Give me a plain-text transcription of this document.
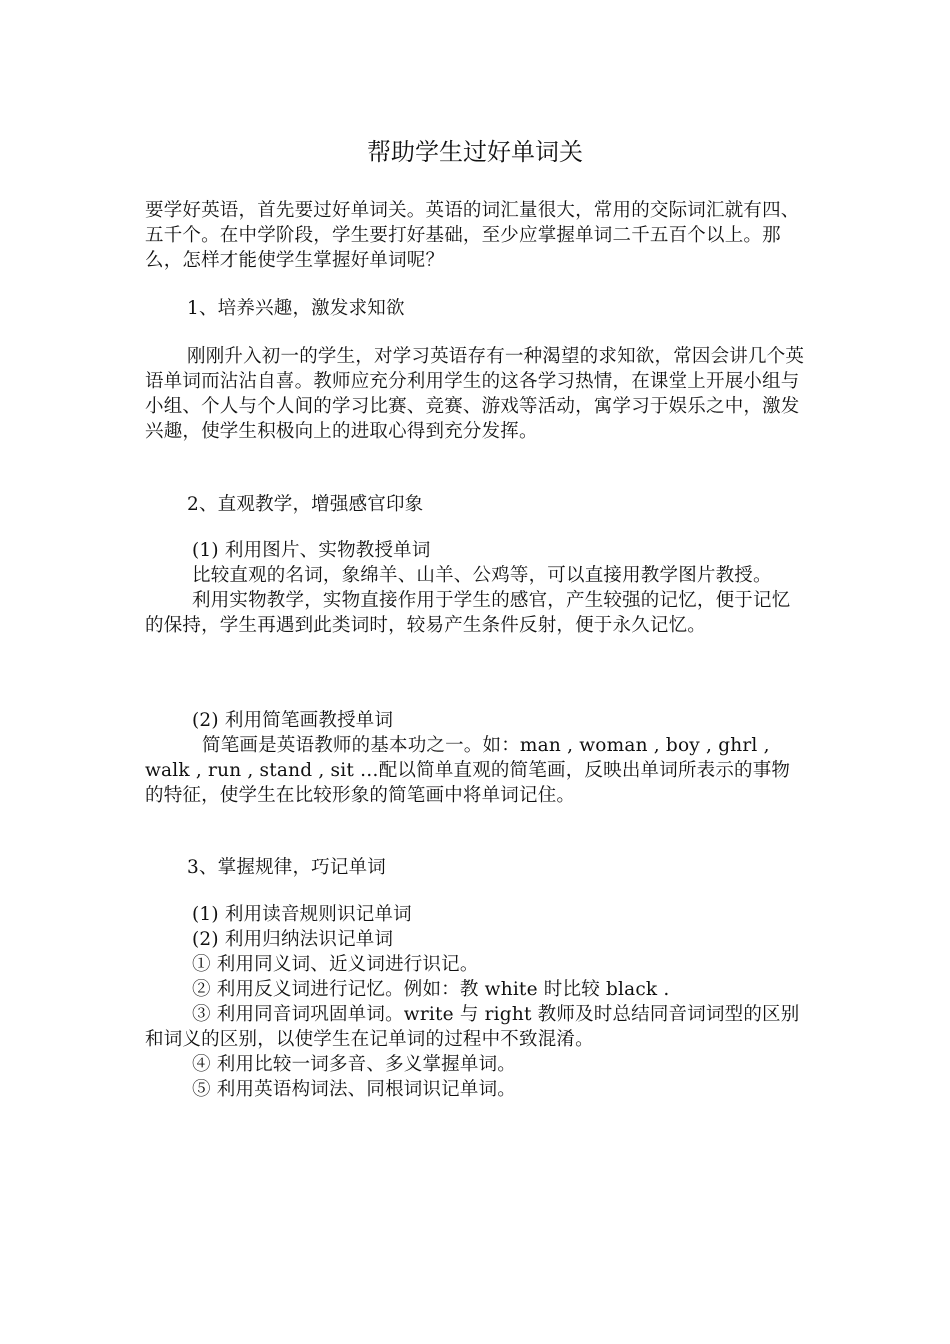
帮助学生过好单词关

要学好英语，首先要过好单词关。英语的词汇量很大，常用的交际词汇就有四、五千个。在中学阶段，学生要打好基础，至少应掌握单词二千五百个以上。那么，怎样才能使学生掌握好单词呢？

1、培养兴趣，激发求知欲

刚刚升入初一的学生，对学习英语存有一种渴望的求知欲，常因会讲几个英语单词而沾沾自喜。教师应充分利用学生的这各学习热情，在课堂上开展小组与小组、个人与个人间的学习比赛、竞赛、游戏等活动，寓学习于娱乐之中，激发兴趣，使学生积极向上的进取心得到充分发挥。

2、直观教学，增强感官印象

(1) 利用图片、实物教授单词

比较直观的名词，象绵羊、山羊、公鸡等，可以直接用教学图片教授。

利用实物教学，实物直接作用于学生的感官，产生较强的记忆，便于记忆的保持，学生再遇到此类词时，较易产生条件反射，便于永久记忆。

(2) 利用简笔画教授单词

简笔画是英语教师的基本功之一。如：man , woman , boy , ghrl , walk , run , stand , sit …配以简单直观的简笔画，反映出单词所表示的事物的特征，使学生在比较形象的简笔画中将单词记住。

3、掌握规律，巧记单词

(1) 利用读音规则识记单词

(2) 利用归纳法识记单词

① 利用同义词、近义词进行识记。

② 利用反义词进行记忆。例如：教 white 时比较 black .

③ 利用同音词巩固单词。write 与 right 教师及时总结同音词词型的区别和词义的区别，以使学生在记单词的过程中不致混淆。

④ 利用比较一词多音、多义掌握单词。

⑤ 利用英语构词法、同根词识记单词。
